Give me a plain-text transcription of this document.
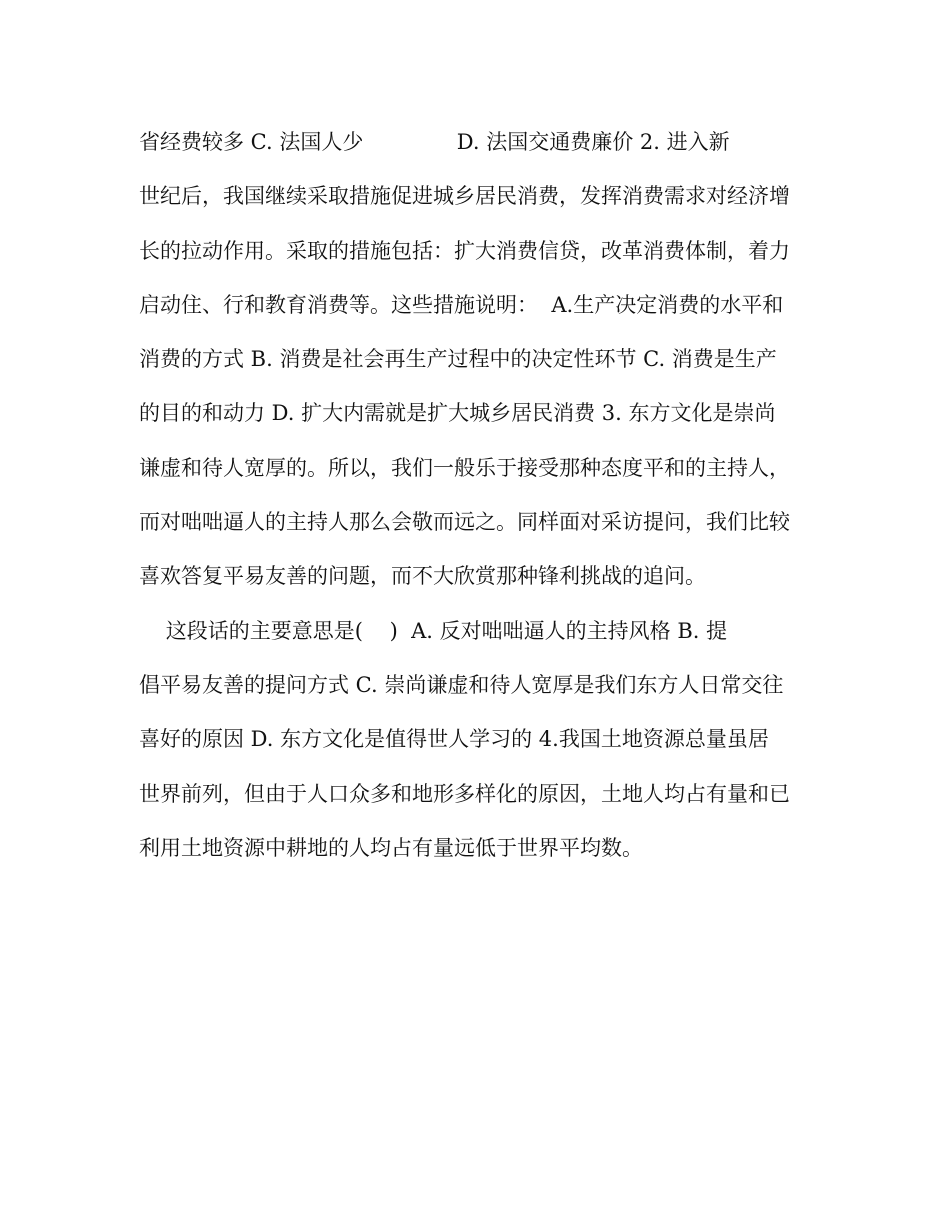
省经费较多 C. 法国人少              D. 法国交通费廉价 2. 进入新

世纪后，我国继续采取措施促进城乡居民消费，发挥消费需求对经济增

长的拉动作用。采取的措施包括：扩大消费信贷，改革消费体制，着力

启动住、行和教育消费等。这些措施说明：  A.生产决定消费的水平和

消费的方式 B. 消费是社会再生产过程中的决定性环节 C. 消费是生产

的目的和动力 D. 扩大内需就是扩大城乡居民消费 3. 东方文化是崇尚

谦虚和待人宽厚的。所以，我们一般乐于接受那种态度平和的主持人，

而对咄咄逼人的主持人那么会敬而远之。同样面对采访提问，我们比较

喜欢答复平易友善的问题，而不大欣赏那种锋利挑战的追问。

这段话的主要意思是(    )  A. 反对咄咄逼人的主持风格 B. 提

倡平易友善的提问方式 C. 崇尚谦虚和待人宽厚是我们东方人日常交往

喜好的原因 D. 东方文化是值得世人学习的 4.我国土地资源总量虽居

世界前列，但由于人口众多和地形多样化的原因，土地人均占有量和已

利用土地资源中耕地的人均占有量远低于世界平均数。
